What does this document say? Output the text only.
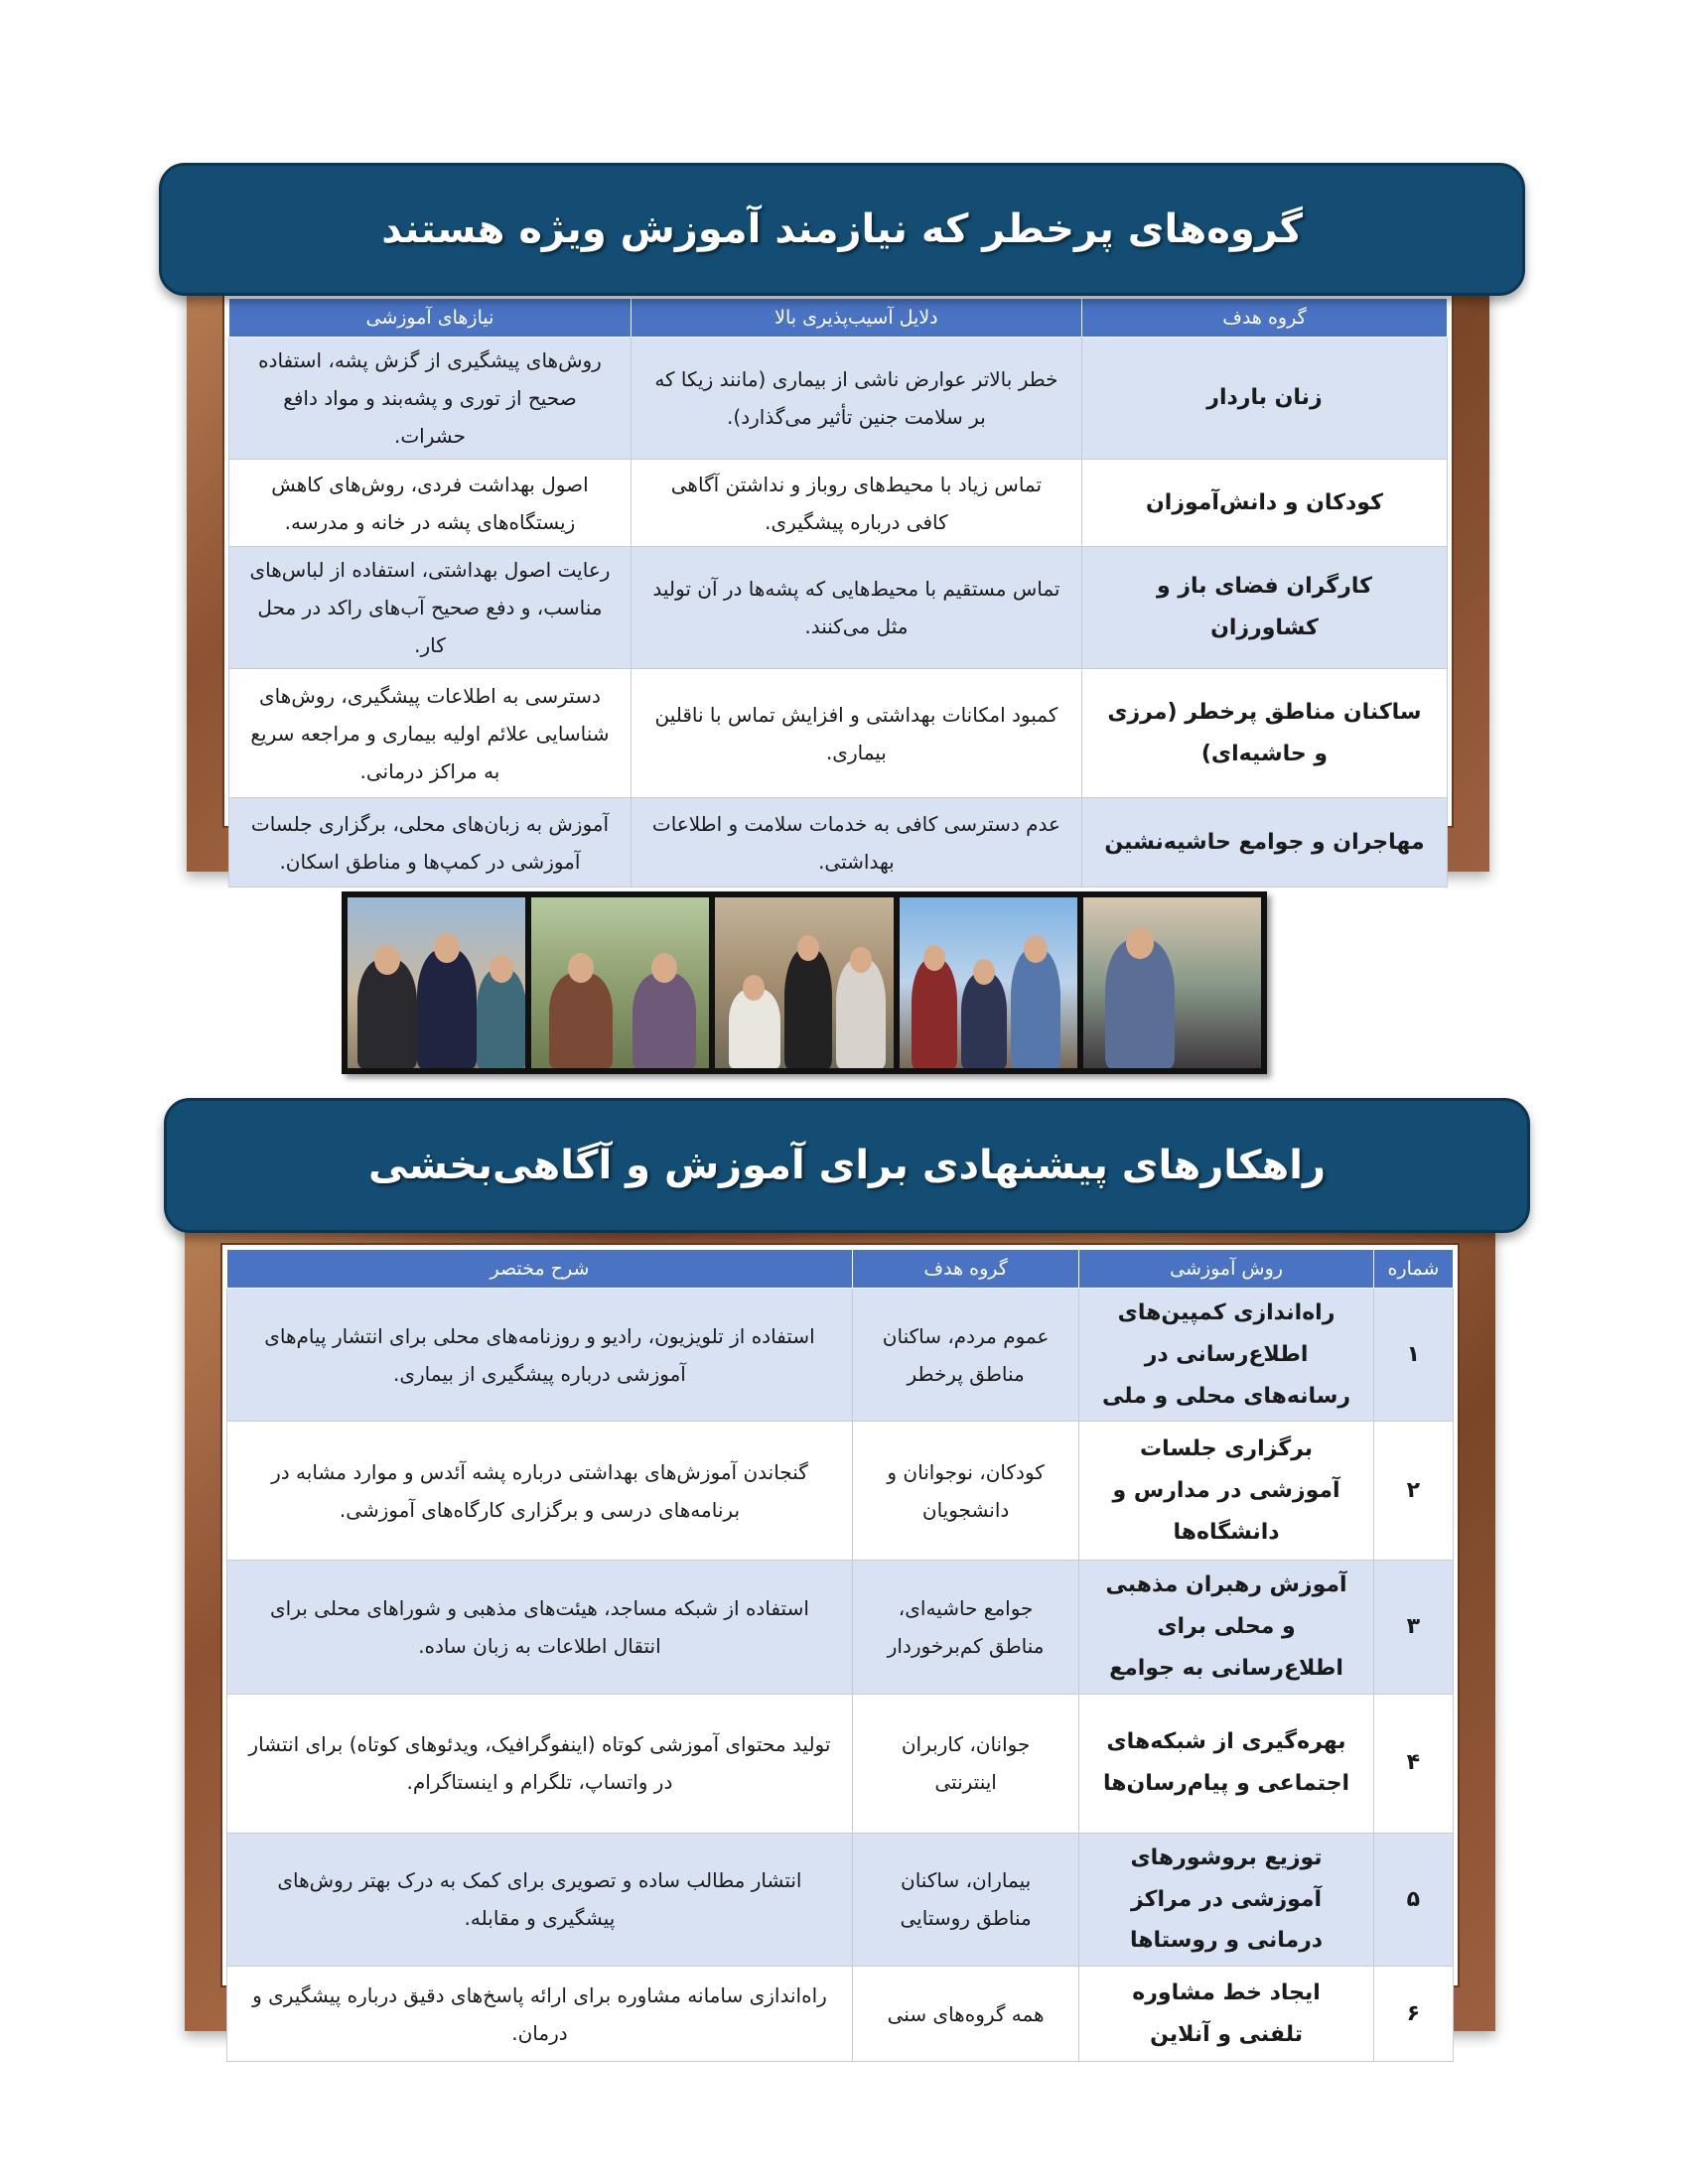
گروه‌های پرخطر که نیازمند آموزش ویژه هستند
گروه هدف	دلایل آسیب‌پذیری بالا	نیازهای آموزشی
زنان باردار	خطر بالاتر عوارض ناشی از بیماری (مانند زیکا که بر سلامت جنین تأثیر می‌گذارد).	روش‌های پیشگیری از گزش پشه، استفاده صحیح از توری و پشه‌بند و مواد دافع حشرات.
کودکان و دانش‌آموزان	تماس زیاد با محیط‌های روباز و نداشتن آگاهی کافی درباره پیشگیری.	اصول بهداشت فردی، روش‌های کاهش زیستگاه‌های پشه در خانه و مدرسه.
کارگران فضای باز و کشاورزان	تماس مستقیم با محیط‌هایی که پشه‌ها در آن تولید مثل می‌کنند.	رعایت اصول بهداشتی، استفاده از لباس‌های مناسب، و دفع صحیح آب‌های راکد در محل کار.
ساکنان مناطق پرخطر (مرزی و حاشیه‌ای)	کمبود امکانات بهداشتی و افزایش تماس با ناقلین بیماری.	دسترسی به اطلاعات پیشگیری، روش‌های شناسایی علائم اولیه بیماری و مراجعه سریع به مراکز درمانی.
مهاجران و جوامع حاشیه‌نشین	عدم دسترسی کافی به خدمات سلامت و اطلاعات بهداشتی.	آموزش به زبان‌های محلی، برگزاری جلسات آموزشی در کمپ‌ها و مناطق اسکان.
راهکارهای پیشنهادی برای آموزش و آگاهی‌بخشی
شماره	روش آموزشی	گروه هدف	شرح مختصر
۱	راه‌اندازی کمپین‌های اطلاع‌رسانی در رسانه‌های محلی و ملی	عموم مردم، ساکنان مناطق پرخطر	استفاده از تلویزیون، رادیو و روزنامه‌های محلی برای انتشار پیام‌های آموزشی درباره پیشگیری از بیماری.
۲	برگزاری جلسات آموزشی در مدارس و دانشگاه‌ها	کودکان، نوجوانان و دانشجویان	گنجاندن آموزش‌های بهداشتی درباره پشه آئدس و موارد مشابه در برنامه‌های درسی و برگزاری کارگاه‌های آموزشی.
۳	آموزش رهبران مذهبی و محلی برای اطلاع‌رسانی به جوامع	جوامع حاشیه‌ای، مناطق کم‌برخوردار	استفاده از شبکه مساجد، هیئت‌های مذهبی و شوراهای محلی برای انتقال اطلاعات به زبان ساده.
۴	بهره‌گیری از شبکه‌های اجتماعی و پیام‌رسان‌ها	جوانان، کاربران اینترنتی	تولید محتوای آموزشی کوتاه (اینفوگرافیک، ویدئوهای کوتاه) برای انتشار در واتساپ، تلگرام و اینستاگرام.
۵	توزیع بروشورهای آموزشی در مراکز درمانی و روستاها	بیماران، ساکنان مناطق روستایی	انتشار مطالب ساده و تصویری برای کمک به درک بهتر روش‌های پیشگیری و مقابله.
۶	ایجاد خط مشاوره تلفنی و آنلاین	همه گروه‌های سنی	راه‌اندازی سامانه مشاوره برای ارائه پاسخ‌های دقیق درباره پیشگیری و درمان.
